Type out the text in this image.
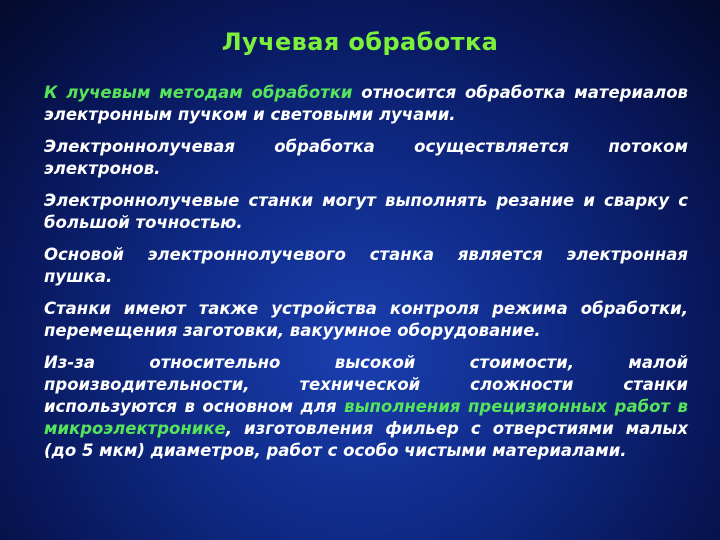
Лучевая обработка

К лучевым методам обработки относится обработка материалов электронным пучком и световыми лучами.

Электроннолучевая обработка осуществляется потоком электронов.

Электроннолучевые станки могут выполнять резание и сварку с большой точностью.

Основой электроннолучевого станка является электронная пушка.

Станки имеют также устройства контроля режима обработки, перемещения заготовки, вакуумное оборудование.

Из-за относительно высокой стоимости, малой производительности, технической сложности станки используются в основном для выполнения прецизионных работ в микроэлектронике, изготовления фильер с отверстиями малых (до 5 мкм) диаметров, работ с особо чистыми материалами.
